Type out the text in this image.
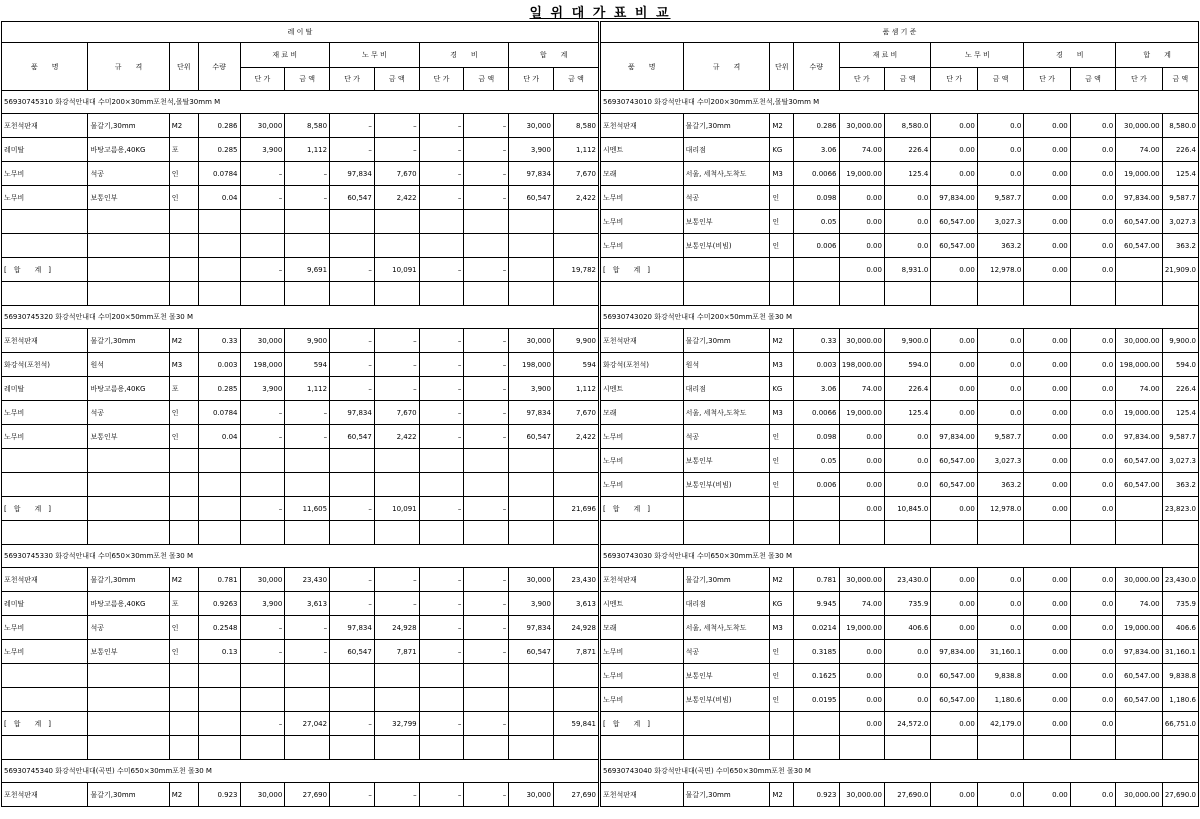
일 위 대 가 표 비 교
레 이 탈											
품　　명	규　　격	단위	수량	재 료 비		노 무 비		경　　비		합　　계	
				단 가	금 액	단 가	금 액	단 가	금 액	단 가	금 액
56930745310 화강석안내대 수미200×30mm포천석,몰탈30mm M											
포천석판재	물갈기,30mm	M2	0.286	30,000	8,580	–	–	–	–	30,000	8,580
레미탈	바탕고름용,40KG	포	0.285	3,900	1,112	–	–	–	–	3,900	1,112
노무비	석공	인	0.0784	–	–	97,834	7,670	–	–	97,834	7,670
노무비	보통인부	인	0.04	–	–	60,547	2,422	–	–	60,547	2,422

[　합　　계　]				–	9,691	–	10,091	–	–		19,782

56930745320 화강석안내대 수미200×50mm포천 몰30 M											
포천석판재	물갈기,30mm	M2	0.33	30,000	9,900	–	–	–	–	30,000	9,900
화강석(포천석)	원석	M3	0.003	198,000	594	–	–	–	–	198,000	594
레미탈	바탕고름용,40KG	포	0.285	3,900	1,112	–	–	–	–	3,900	1,112
노무비	석공	인	0.0784	–	–	97,834	7,670	–	–	97,834	7,670
노무비	보통인부	인	0.04	–	–	60,547	2,422	–	–	60,547	2,422

[　합　　계　]				–	11,605	–	10,091	–	–		21,696

56930745330 화강석안내대 수미650×30mm포천 몰30 M											
포천석판재	물갈기,30mm	M2	0.781	30,000	23,430	–	–	–	–	30,000	23,430
레미탈	바탕고름용,40KG	포	0.9263	3,900	3,613	–	–	–	–	3,900	3,613
노무비	석공	인	0.2548	–	–	97,834	24,928	–	–	97,834	24,928
노무비	보통인부	인	0.13	–	–	60,547	7,871	–	–	60,547	7,871

[　합　　계　]				–	27,042	–	32,799	–	–		59,841

56930745340 화강석안내대(곡면) 수미650×30mm포천 몰30 M											
포천석판재	물갈기,30mm	M2	0.923	30,000	27,690	–	–	–	–	30,000	27,690
품 셈 기 준											
품　　명	규　　격	단위	수량	재 료 비		노 무 비		경　　비		합　　계	
				단 가	금 액	단 가	금 액	단 가	금 액	단 가	금 액
56930743010 화강석안내대 수미200×30mm포천석,몰탈30mm M											
포천석판재	물갈기,30mm	M2	0.286	30,000.00	8,580.0	0.00	0.0	0.00	0.0	30,000.00	8,580.0
시멘트	대리점	KG	3.06	74.00	226.4	0.00	0.0	0.00	0.0	74.00	226.4
모래	서울, 세척사,도착도	M3	0.0066	19,000.00	125.4	0.00	0.0	0.00	0.0	19,000.00	125.4
노무비	석공	인	0.098	0.00	0.0	97,834.00	9,587.7	0.00	0.0	97,834.00	9,587.7
노무비	보통인부	인	0.05	0.00	0.0	60,547.00	3,027.3	0.00	0.0	60,547.00	3,027.3
노무비	보통인부(비빔)	인	0.006	0.00	0.0	60,547.00	363.2	0.00	0.0	60,547.00	363.2
[　합　　계　]				0.00	8,931.0	0.00	12,978.0	0.00	0.0		21,909.0

56930743020 화강석안내대 수미200×50mm포천 몰30 M											
포천석판재	물갈기,30mm	M2	0.33	30,000.00	9,900.0	0.00	0.0	0.00	0.0	30,000.00	9,900.0
화강석(포천석)	원석	M3	0.003	198,000.00	594.0	0.00	0.0	0.00	0.0	198,000.00	594.0
시멘트	대리점	KG	3.06	74.00	226.4	0.00	0.0	0.00	0.0	74.00	226.4
모래	서울, 세척사,도착도	M3	0.0066	19,000.00	125.4	0.00	0.0	0.00	0.0	19,000.00	125.4
노무비	석공	인	0.098	0.00	0.0	97,834.00	9,587.7	0.00	0.0	97,834.00	9,587.7
노무비	보통인부	인	0.05	0.00	0.0	60,547.00	3,027.3	0.00	0.0	60,547.00	3,027.3
노무비	보통인부(비빔)	인	0.006	0.00	0.0	60,547.00	363.2	0.00	0.0	60,547.00	363.2
[　합　　계　]				0.00	10,845.0	0.00	12,978.0	0.00	0.0		23,823.0

56930743030 화강석안내대 수미650×30mm포천 몰30 M											
포천석판재	물갈기,30mm	M2	0.781	30,000.00	23,430.0	0.00	0.0	0.00	0.0	30,000.00	23,430.0
시멘트	대리점	KG	9.945	74.00	735.9	0.00	0.0	0.00	0.0	74.00	735.9
모래	서울, 세척사,도착도	M3	0.0214	19,000.00	406.6	0.00	0.0	0.00	0.0	19,000.00	406.6
노무비	석공	인	0.3185	0.00	0.0	97,834.00	31,160.1	0.00	0.0	97,834.00	31,160.1
노무비	보통인부	인	0.1625	0.00	0.0	60,547.00	9,838.8	0.00	0.0	60,547.00	9,838.8
노무비	보통인부(비빔)	인	0.0195	0.00	0.0	60,547.00	1,180.6	0.00	0.0	60,547.00	1,180.6
[　합　　계　]				0.00	24,572.0	0.00	42,179.0	0.00	0.0		66,751.0

56930743040 화강석안내대(곡면) 수미650×30mm포천 몰30 M											
포천석판재	물갈기,30mm	M2	0.923	30,000.00	27,690.0	0.00	0.0	0.00	0.0	30,000.00	27,690.0
